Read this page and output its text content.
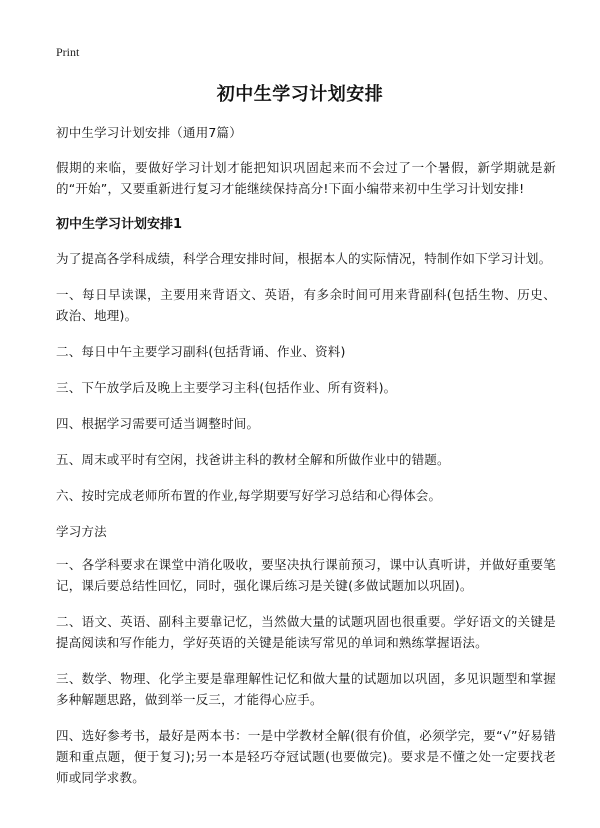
Print
初中生学习计划安排

初中生学习计划安排（通用7篇）

假期的来临，要做好学习计划才能把知识巩固起来而不会过了一个暑假，新学期就是新的“开始”，又要重新进行复习才能继续保持高分!下面小编带来初中生学习计划安排!

初中生学习计划安排1

为了提高各学科成绩，科学合理安排时间，根据本人的实际情况，特制作如下学习计划。

一、每日早读课，主要用来背语文、英语，有多余时间可用来背副科(包括生物、历史、政治、地理)。

二、每日中午主要学习副科(包括背诵、作业、资料)

三、下午放学后及晚上主要学习主科(包括作业、所有资料)。

四、根据学习需要可适当调整时间。

五、周末或平时有空闲，找爸讲主科的教材全解和所做作业中的错题。

六、按时完成老师所布置的作业,每学期要写好学习总结和心得体会。

学习方法

一、各学科要求在课堂中消化吸收，要坚决执行课前预习，课中认真听讲，并做好重要笔记，课后要总结性回忆，同时，强化课后练习是关键(多做试题加以巩固)。

二、语文、英语、副科主要靠记忆，当然做大量的试题巩固也很重要。学好语文的关键是提高阅读和写作能力，学好英语的关键是能读写常见的单词和熟练掌握语法。

三、数学、物理、化学主要是靠理解性记忆和做大量的试题加以巩固，多见识题型和掌握多种解题思路，做到举一反三，才能得心应手。

四、选好参考书，最好是两本书：一是中学教材全解(很有价值，必须学完，要“√”好易错题和重点题，便于复习);另一本是轻巧夺冠试题(也要做完)。要求是不懂之处一定要找老师或同学求教。
